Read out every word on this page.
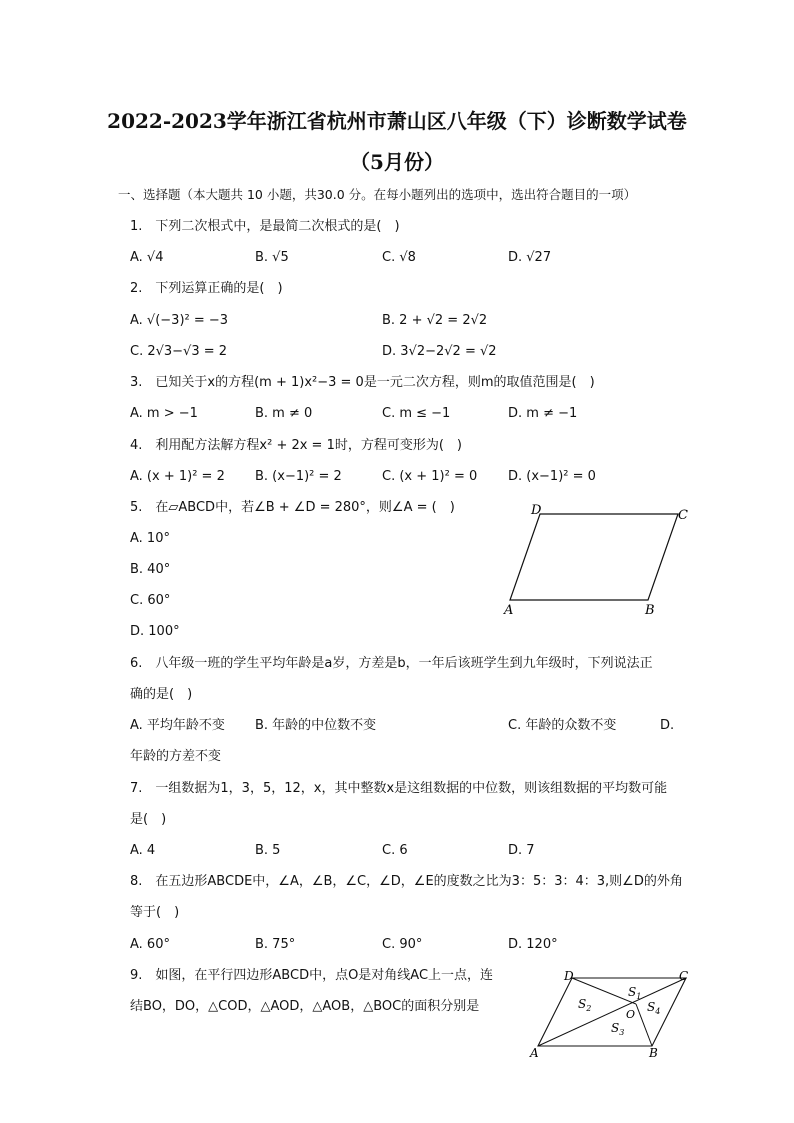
2022-2023学年浙江省杭州市萧山区八年级（下）诊断数学试卷
（5月份）
一、选择题（本大题共 10 小题，共30.0 分。在每小题列出的选项中，选出符合题目的一项）
1.　下列二次根式中，是最简二次根式的是(　)
A. √4	B. √5	C. √8	D. √27
2.　下列运算正确的是(　)
A. √(−3)² = −3	B. 2 + √2 = 2√2
C. 2√3−√3 = 2	D. 3√2−2√2 = √2
3.　已知关于x的方程(m + 1)x²−3 = 0是一元二次方程，则m的取值范围是(　)
A. m > −1	B. m ≠ 0	C. m ≤ −1	D. m ≠ −1
4.　利用配方法解方程x² + 2x = 1时，方程可变形为(　)
A. (x + 1)² = 2 B. (x−1)² = 2	C. (x + 1)² = 0 D. (x−1)² = 0
5.　在▱ABCD中，若∠B + ∠D = 280°，则∠A = (　)
A. 10°
B. 40°
C. 60°
D. 100°
D	C
A	B
6.　八年级一班的学生平均年龄是a岁，方差是b，一年后该班学生到九年级时，下列说法正
确的是(　)
A. 平均年龄不变 B. 年龄的中位数不变	C. 年龄的众数不变	D.
年龄的方差不变
7.　一组数据为1，3，5，12，x，其中整数x是这组数据的中位数，则该组数据的平均数可能
是(　)
A. 4	B. 5	C. 6	D. 7
8.　在五边形ABCDE中，∠A，∠B，∠C，∠D，∠E的度数之比为3：5：3：4：3,则∠D的外角
等于(　)
A. 60°	B. 75°	C. 90°	D. 120°
9.　如图，在平行四边形ABCD中，点O是对角线AC上一点，连
结BO，DO，△COD，△AOD，△AOB，△BOC的面积分别是
D	C
A	B
O
$S_1$
$S_2$
$S_3$
$S_4$
